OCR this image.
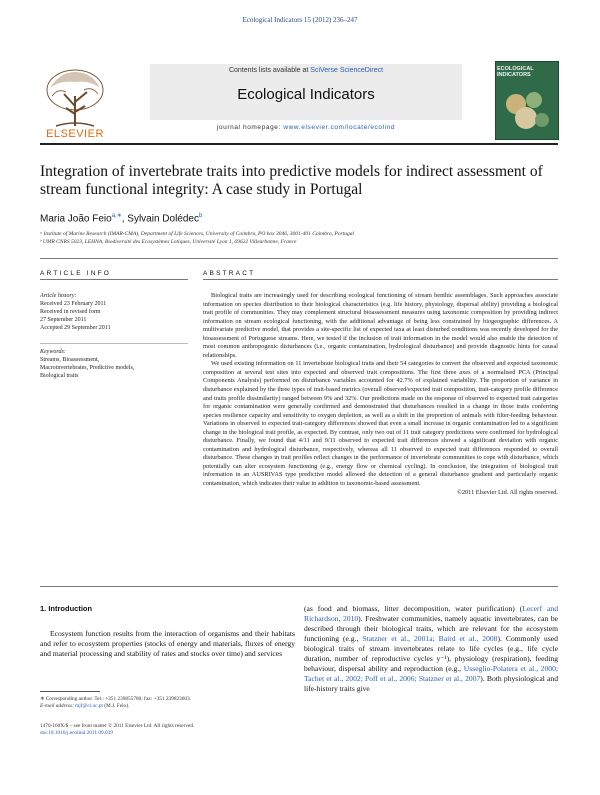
Ecological Indicators 15 (2012) 236–247
Contents lists available at SciVerse ScienceDirect
Ecological Indicators
journal homepage: www.elsevier.com/locate/ecolind
ELSEVIER
ECOLOGICAL INDICATORS
Integration of invertebrate traits into predictive models for indirect assessment of stream functional integrity: A case study in Portugal
Maria João Feio$^{a,∗}$, Sylvain Dolédec$^b$
ᵃ Institute of Marine Research (IMAR-CMA), Department of Life Sciences, University of Coimbra, PO box 3046, 3001-401 Coimbra, Portugal
ᵇ UMR CNRS 5023, LEHNA, Biodiversité des Ecosystèmes Lotiques, Université Lyon 1, 69622 Villeurbanne, France
ARTICLE INFO
Article history:
Received 23 February 2011
Received in revised form
27 September 2011
Accepted 29 September 2011
Keywords:
Streams, Bioassessment,
Macroinvertebrates, Predictive models,
Biological traits
ABSTRACT

Biological traits are increasingly used for describing ecological functioning of stream benthic assemblages. Such approaches associate information on species distribution to their biological characteristics (e.g. life history, physiology, dispersal ability) providing a biological trait profile of communities. They may complement structural bioassessment measures using taxonomic composition by providing indirect information on stream ecological functioning, with the additional advantage of being less constrained by biogeographic differences. A multivariate predictive model, that provides a site-specific list of expected taxa at least disturbed conditions was recently developed for the bioassessment of Portuguese streams. Here, we tested if the inclusion of trait information in the model would also enable the detection of most common anthropogenic disturbances (i.e., organic contamination, hydrological disturbance) and provide diagnostic hints for causal relationships.

We used existing information on 11 invertebrate biological traits and their 54 categories to convert the observed and expected taxonomic composition at several test sites into expected and observed trait compositions. The first three axes of a normalised PCA (Principal Components Analysis) performed on disturbance variables accounted for 42.7% of explained variability. The proportion of variance in disturbance explained by the three types of trait-based metrics (overall observed/expected trait composition, trait-category profile difference and traits profile dissimilarity) ranged between 9% and 32%. Our predictions made on the response of observed to expected trait categories for organic contamination were generally confirmed and demonstrated that disturbances resulted in a change in those traits conferring species resilience capacity and sensitivity to oxygen depletion, as well as a shift in the proportion of animals with filter-feeding behaviour. Variations in observed to expected trait-category differences showed that even a small increase in organic contamination led to a significant change in the biological trait profile, as expected. By contrast, only two out of 11 trait category predictions were confirmed for hydrological disturbance. Finally, we found that 4/11 and 9/11 observed to expected trait differences showed a significant deviation with organic contamination and hydrological disturbance, respectively, whereas all 11 observed to expected trait differences responded to overall disturbance. These changes in trait profiles reflect changes in the performance of invertebrate communities to cope with disturbance, which potentially can alter ecosystem functioning (e.g., energy flow or chemical cycling). In conclusion, the integration of biological trait information in an AUSRIVAS type predictive model allowed the detection of a general disturbance gradient and particularly organic contamination, which indicates their value in addition to taxonomic-based assessment.

©2011 Elsevier Ltd. All rights reserved.

1. Introduction

Ecosystem function results from the interaction of organisms and their habitats and refer to ecosystem properties (stocks of energy and materials, fluxes of energy and material processing and stability of rates and stocks over time) and services

(as food and biomass, litter decomposition, water purification) (Lecerf and Richardson, 2010). Freshwater communities, namely aquatic invertebrates, can be described through their biological traits, which are relevant for the ecosystem functioning (e.g., Statzner et al., 2001a; Baird et al., 2008). Commonly used biological traits of stream invertebrates relate to life cycles (e.g., life cycle duration, number of reproductive cycles y⁻¹), physiology (respiration), feeding behaviour, dispersal ability and reproduction (e.g., Usseglio-Polatera et al., 2000; Tachet et al., 2002; Poff et al., 2006; Statzner et al., 2007). Both physiological and life-history traits give

∗ Corresponding author. Tel.: +351 239855780; fax: +351 239823603.
E-mail address: mjf@ci.uc.pt (M.J. Feio).
1470-160X/$ – see front matter © 2011 Elsevier Ltd. All rights reserved.
doi:10.1016/j.ecolind.2011.09.039
